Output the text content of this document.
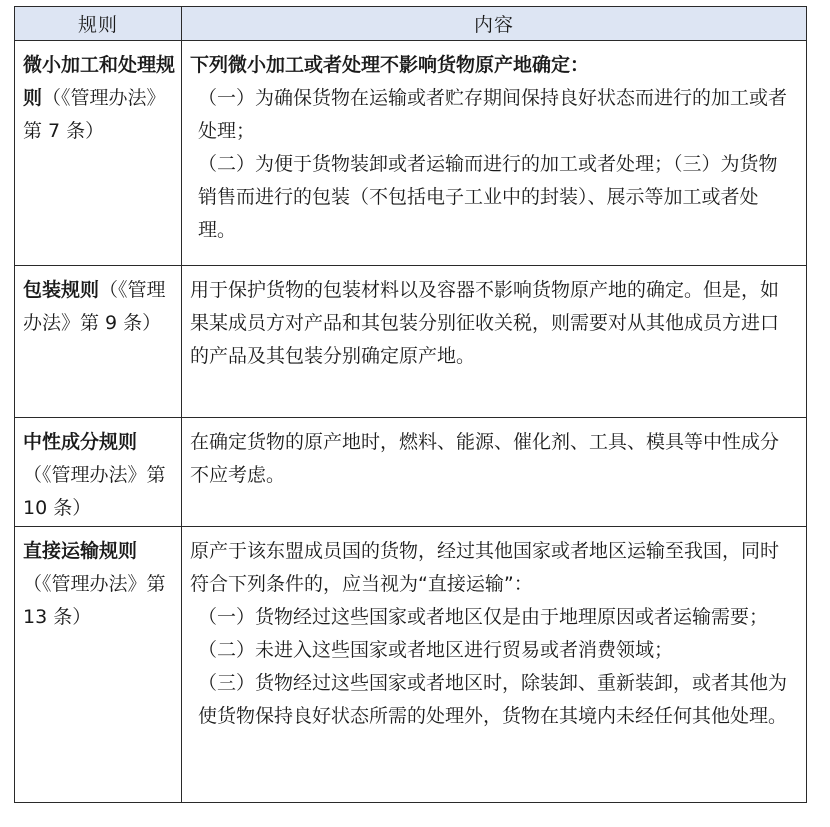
规则	内容
微小加工和处理规则（《管理办法》第 7 条）	下列微小加工或者处理不影响货物原产地确定：

（一）为确保货物在运输或者贮存期间保持良好状态而进行的加工或者处理；

（二）为便于货物装卸或者运输而进行的加工或者处理；（三）为货物销售而进行的包装（不包括电子工业中的封装）、展示等加工或者处理。

包装规则（《管理办法》第 9 条）	用于保护货物的包装材料以及容器不影响货物原产地的确定。但是，如果某成员方对产品和其包装分别征收关税，则需要对从其他成员方进口的产品及其包装分别确定原产地。

中性成分规则（《管理办法》第 10 条）	在确定货物的原产地时，燃料、能源、催化剂、工具、模具等中性成分不应考虑。

直接运输规则（《管理办法》第 13 条）	原产于该东盟成员国的货物，经过其他国家或者地区运输至我国，同时符合下列条件的，应当视为“直接运输”：

（一）货物经过这些国家或者地区仅是由于地理原因或者运输需要；

（二）未进入这些国家或者地区进行贸易或者消费领域；

（三）货物经过这些国家或者地区时，除装卸、重新装卸，或者其他为使货物保持良好状态所需的处理外，货物在其境内未经任何其他处理。
